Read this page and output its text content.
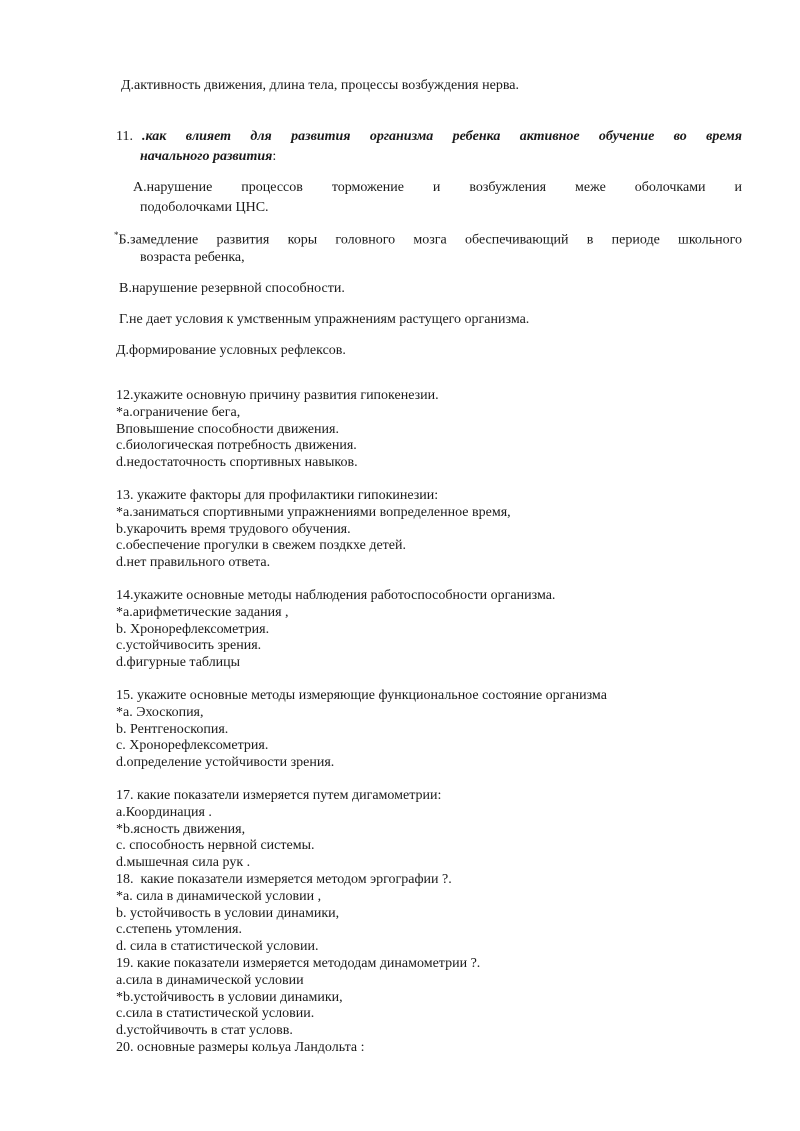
Д.активность движения, длина тела, процессы возбуждения нерва.
11. .как влияет для развития организма ребенка активное обучение во время
начального развития:
А.нарушение процессов торможение и возбужления меже оболочками и
подоболочками ЦНС.
*Б.замедление развития коры головного мозга обеспечивающий в периоде школьного
возраста ребенка,
В.нарушение резервной способности.
Г.не дает условия к умственным упражнениям растущего организма.
Д.формирование условных рефлексов.
12.укажите основную причину развития гипокенезии.
*а.ограничение бега,
Вповышение способности движения.
c.биологическая потребность движения.
d.недостаточность спортивных навыков.
13. укажите факторы для профилактики гипокинезии:
*а.заниматься спортивными упражнениями вопределенное время,
b.укарочить время трудового обучения.
c.обеспечение прогулки в свежем поздкхе детей.
d.нет правильного ответа.
14.укажите основные методы наблюдения работоспособности организма.
*а.арифметические задания ,
b. Хронорефлексометрия.
c.устойчивосить зрения.
d.фигурные таблицы
15. укажите основные методы измеряющие функциональное состояние организма
*a. Эхоскопия,
b. Рентгеноскопия.
c. Хронорефлексометрия.
d.определение устойчивости зрения.
17. какие показатели измеряется путем дигамометрии:
a.Координация .
*b.ясность движения,
c. способность нервной системы.
d.мышечная сила рук .
18.  какие показатели измеряется методом эргографии ?.
*a. сила в динамической условии ,
b. устойчивость в условии динамики,
c.степень утомления.
d. сила в статистической условии.
19. какие показатели измеряется метододам динамометрии ?.
a.сила в динамической условии
*b.устойчивость в условии динамики,
c.сила в статистической условии.
d.устойчивочть в стат условв.
20. основные размеры кольуа Ландольта :
